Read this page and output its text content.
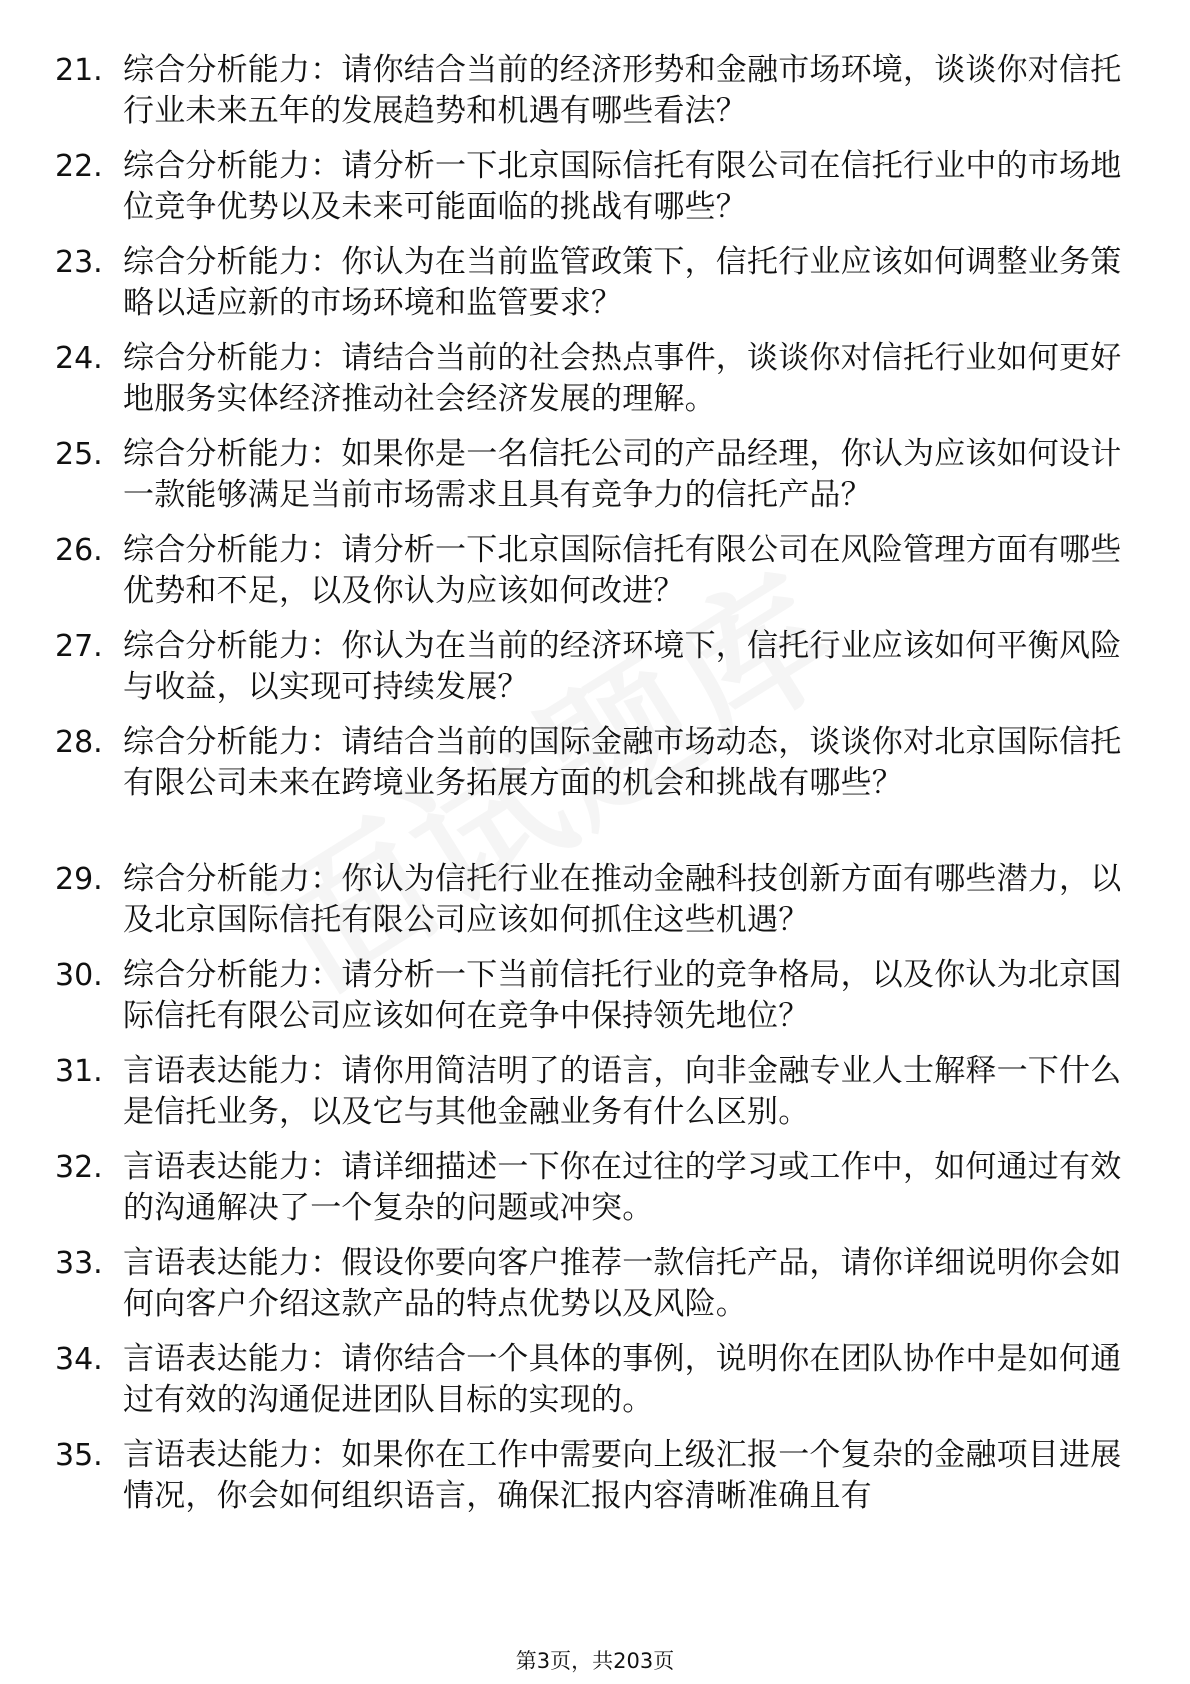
21. 综合分析能力：请你结合当前的经济形势和金融市场环境，谈谈你对信托行业未来五年的发展趋势和机遇有哪些看法？
22. 综合分析能力：请分析一下北京国际信托有限公司在信托行业中的市场地位竞争优势以及未来可能面临的挑战有哪些？
23. 综合分析能力：你认为在当前监管政策下，信托行业应该如何调整业务策略以适应新的市场环境和监管要求？
24. 综合分析能力：请结合当前的社会热点事件，谈谈你对信托行业如何更好地服务实体经济推动社会经济发展的理解。
25. 综合分析能力：如果你是一名信托公司的产品经理，你认为应该如何设计一款能够满足当前市场需求且具有竞争力的信托产品？
26. 综合分析能力：请分析一下北京国际信托有限公司在风险管理方面有哪些优势和不足，以及你认为应该如何改进？
27. 综合分析能力：你认为在当前的经济环境下，信托行业应该如何平衡风险与收益，以实现可持续发展？
28. 综合分析能力：请结合当前的国际金融市场动态，谈谈你对北京国际信托有限公司未来在跨境业务拓展方面的机会和挑战有哪些？
29. 综合分析能力：你认为信托行业在推动金融科技创新方面有哪些潜力，以及北京国际信托有限公司应该如何抓住这些机遇？
30. 综合分析能力：请分析一下当前信托行业的竞争格局，以及你认为北京国际信托有限公司应该如何在竞争中保持领先地位？
31. 言语表达能力：请你用简洁明了的语言，向非金融专业人士解释一下什么是信托业务，以及它与其他金融业务有什么区别。
32. 言语表达能力：请详细描述一下你在过往的学习或工作中，如何通过有效的沟通解决了一个复杂的问题或冲突。
33. 言语表达能力：假设你要向客户推荐一款信托产品，请你详细说明你会如何向客户介绍这款产品的特点优势以及风险。
34. 言语表达能力：请你结合一个具体的事例，说明你在团队协作中是如何通过有效的沟通促进团队目标的实现的。
35. 言语表达能力：如果你在工作中需要向上级汇报一个复杂的金融项目进展情况，你会如何组织语言，确保汇报内容清晰准确且有
第3页，共203页
